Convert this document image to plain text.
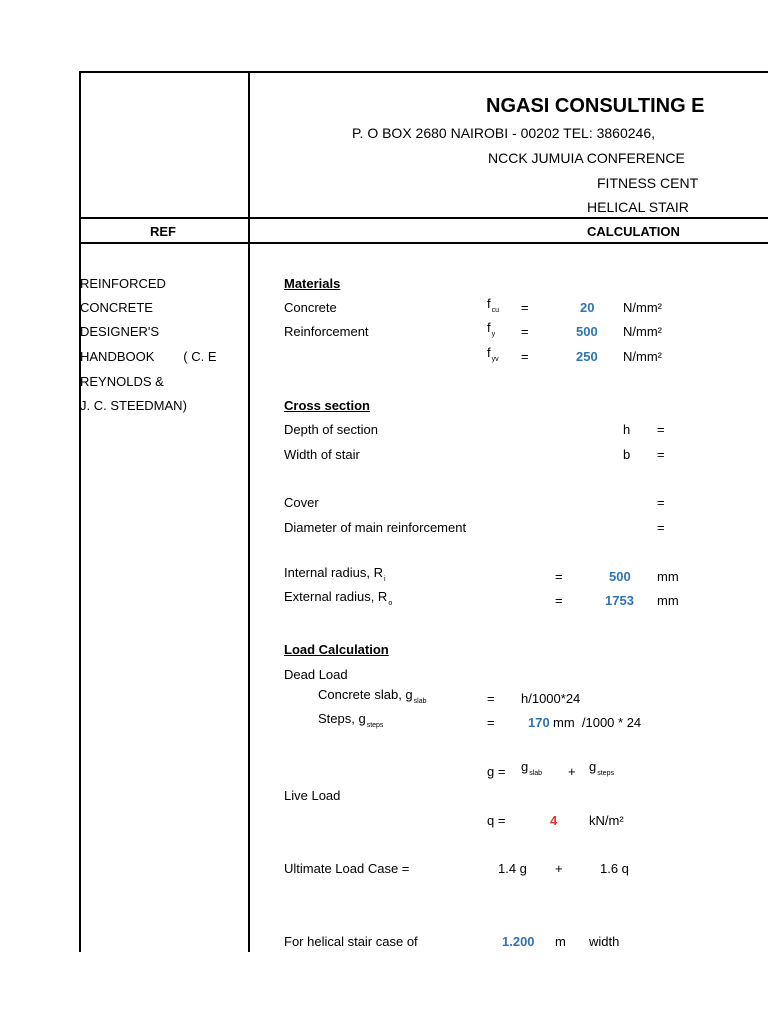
NGASI CONSULTING E
P. O BOX 2680 NAIROBI - 00202 TEL: 3860246,
NCCK JUMUIA CONFERENCE
FITNESS CENT
HELICAL STAIR
REF	CALCULATION
REINFORCED
CONCRETE
DESIGNER'S
HANDBOOK        ( C. E
REYNOLDS &
J. C. STEEDMAN)
Materials
Concrete	$f_{cu}$ =	20 N/mm²
Reinforcement	$f_y$ =	500 N/mm²
$f_{yv}$ =	250 N/mm²
Cross section
Depth of section	h =
Width of stair	b =
Cover	=
Diameter of main reinforcement	=
Internal radius, $R_i$	=	500 mm
External radius, $R_o$	=	1753 mm
Load Calculation
Dead Load
Concrete slab, $g_{slab}$	= h/1000*24
Steps, $g_{steps}$	=	170 mm  /1000 * 24
$g = g_{slab} + g_{steps}$
Live Load
q =	4 kN/m²
Ultimate Load Case =	1.4 g +	1.6 q
For helical stair case of	1.200 m width
